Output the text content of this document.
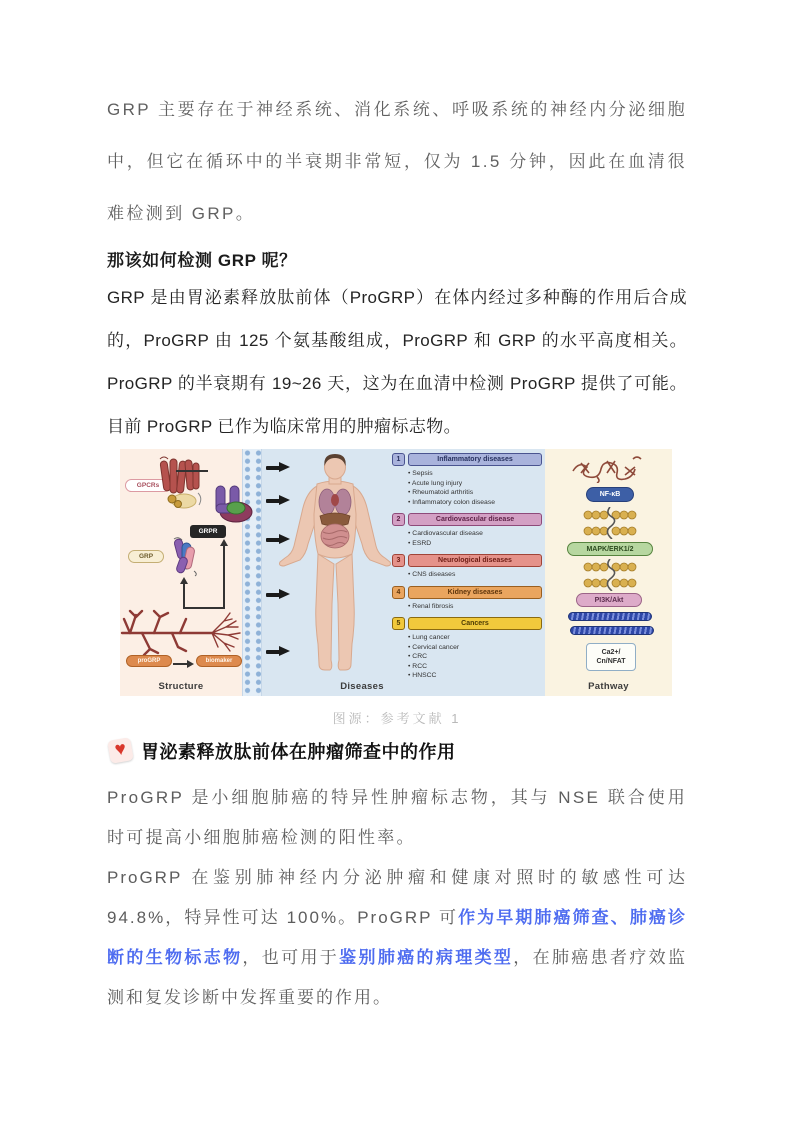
GRP 主要存在于神经系统、消化系统、呼吸系统的神经内分泌细胞中，但它在循环中的半衰期非常短，仅为 1.5 分钟，因此在血清很难检测到 GRP。

那该如何检测 GRP 呢？

GRP 是由胃泌素释放肽前体（ProGRP）在体内经过多种酶的作用后合成的，ProGRP 由 125 个氨基酸组成，ProGRP 和 GRP 的水平高度相关。ProGRP 的半衰期有 19~26 天，这为在血清中检测 ProGRP 提供了可能。目前 ProGRP 已作为临床常用的肿瘤标志物。

Structure	Diseases	Pathway
GPCRs
GRPR
GRP
proGRP	biomaker
1	Inflammatory diseases
• Sepsis
• Acute lung injury
• Rheumatoid arthritis
• Inflammatory colon disease
2	Cardiovascular disease
• Cardiovascular disease
• ESRD
3	Neurological diseases
• CNS diseases
4	Kidney diseases
• Renal fibrosis
5	Cancers
• Lung cancer
• Cervical cancer
• CRC
• RCC
• HNSCC
NF-κB
MAPK/ERK1/2
PI3K/Akt
Ca2+/
Cn/NFAT
图源：参考文献 1
♥ 胃泌素释放肽前体在肿瘤筛查中的作用

ProGRP 是小细胞肺癌的特异性肿瘤标志物，其与 NSE 联合使用时可提高小细胞肺癌检测的阳性率。

ProGRP 在鉴别肺神经内分泌肿瘤和健康对照时的敏感性可达 94.8%，特异性可达 100%。ProGRP 可作为早期肺癌筛查、肺癌诊断的生物标志物，也可用于鉴别肺癌的病理类型，在肺癌患者疗效监测和复发诊断中发挥重要的作用。
